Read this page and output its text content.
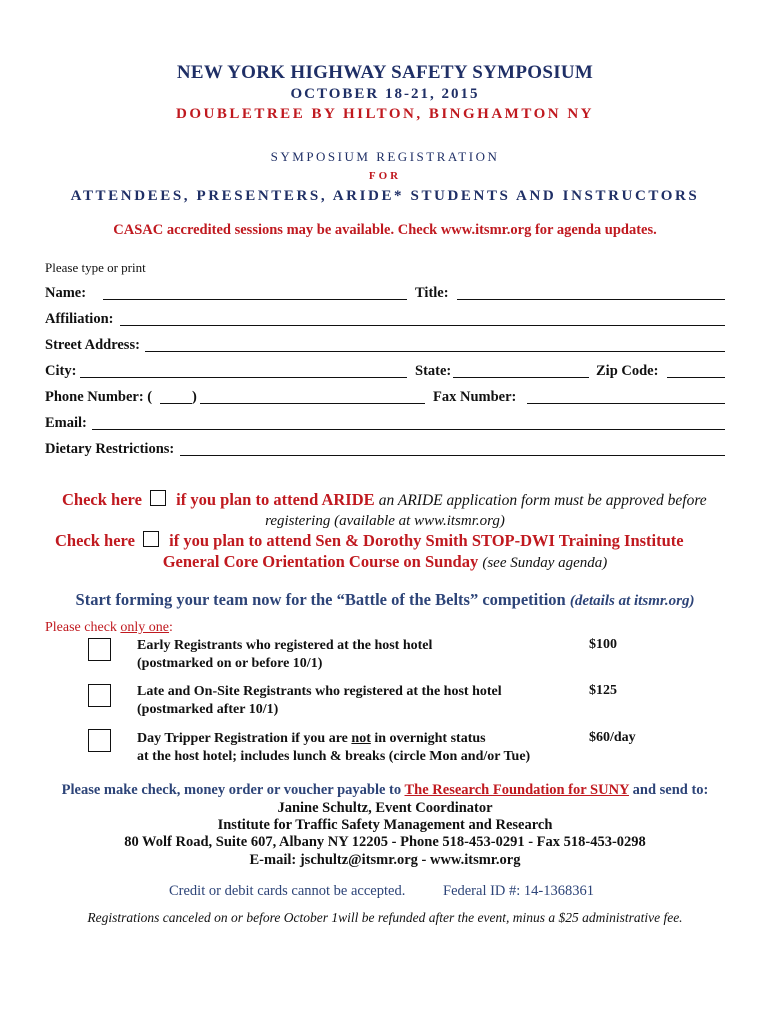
NEW YORK HIGHWAY SAFETY SYMPOSIUM
OCTOBER 18-21, 2015
DOUBLETREE BY HILTON, BINGHAMTON NY
SYMPOSIUM REGISTRATION
FOR
ATTENDEES, PRESENTERS, ARIDE* STUDENTS AND INSTRUCTORS
CASAC accredited sessions may be available. Check www.itsmr.org for agenda updates.
Please type or print
Name:	Title:
Affiliation:
Street Address:
City:	State:	Zip Code:
Phone Number: (	)	Fax Number:
Email:
Dietary Restrictions:
Check here if you plan to attend ARIDE an ARIDE application form must be approved before
registering (available at www.itsmr.org)
Check here if you plan to attend Sen & Dorothy Smith STOP-DWI Training Institute
General Core Orientation Course on Sunday (see Sunday agenda)
Start forming your team now for the “Battle of the Belts” competition (details at itsmr.org)
Please check only one:
Early Registrants who registered at the host hotel
(postmarked on or before 10/1)
$100
Late and On-Site Registrants who registered at the host hotel
(postmarked after 10/1)
$125
Day Tripper Registration if you are not in overnight status
at the host hotel; includes lunch & breaks (circle Mon and/or Tue)
$60/day
Please make check, money order or voucher payable to The Research Foundation for SUNY and send to:
Janine Schultz, Event Coordinator
Institute for Traffic Safety Management and Research
80 Wolf Road, Suite 607, Albany NY 12205 - Phone 518-453-0291 - Fax 518-453-0298
E-mail: jschultz@itsmr.org - www.itsmr.org
Credit or debit cards cannot be accepted.	Federal ID #: 14-1368361
Registrations canceled on or before October 1will be refunded after the event, minus a $25 administrative fee.
